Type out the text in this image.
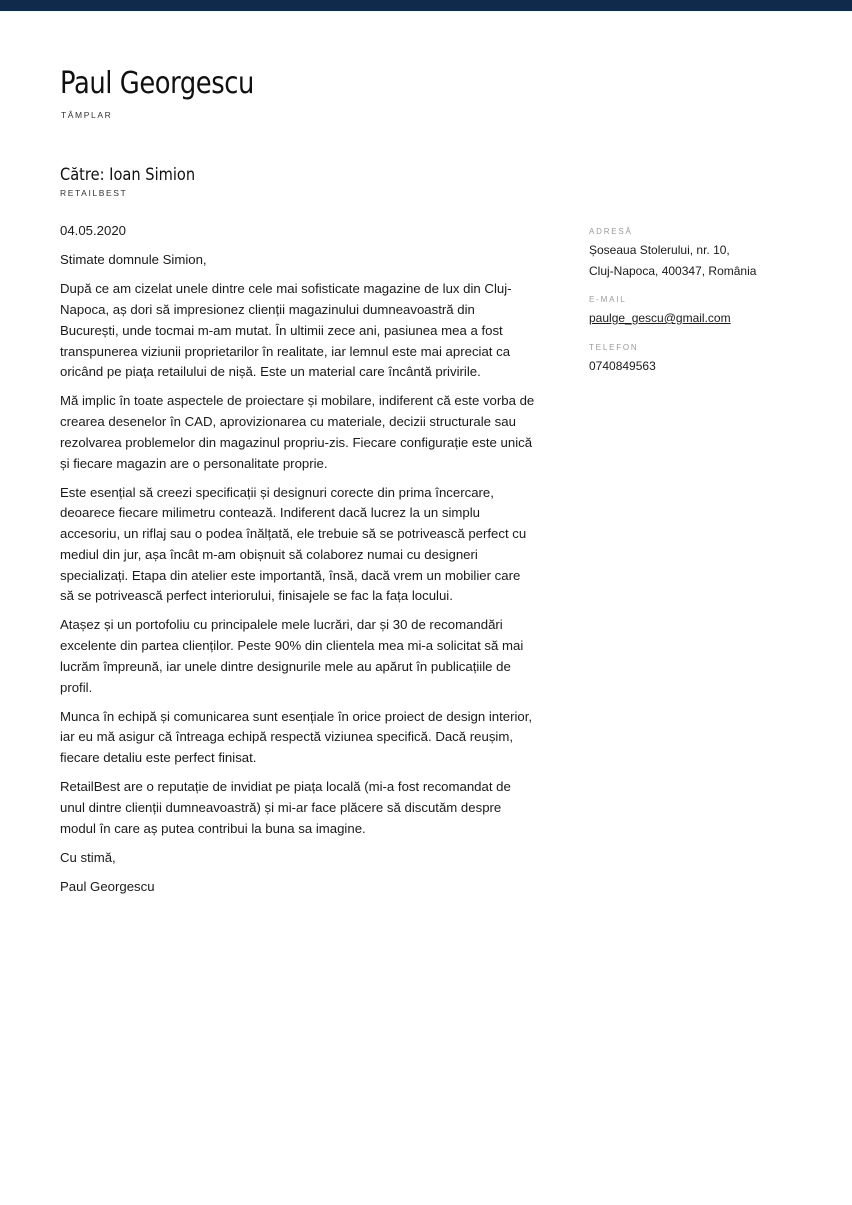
Paul Georgescu
TÂMPLAR
Către: Ioan Simion
RETAILBEST

04.05.2020

Stimate domnule Simion,

După ce am cizelat unele dintre cele mai sofisticate magazine de lux din Cluj-Napoca, aș dori să impresionez clienții magazinului dumneavoastră din București, unde tocmai m-am mutat. În ultimii zece ani, pasiunea mea a fost transpunerea viziunii proprietarilor în realitate, iar lemnul este mai apreciat ca oricând pe piața retailului de nișă. Este un material care încântă privirile.

Mă implic în toate aspectele de proiectare și mobilare, indiferent că este vorba de crearea desenelor în CAD, aprovizionarea cu materiale, decizii structurale sau rezolvarea problemelor din magazinul propriu-zis. Fiecare configurație este unică și fiecare magazin are o personalitate proprie.

Este esențial să creezi specificații și designuri corecte din prima încercare, deoarece fiecare milimetru contează. Indiferent dacă lucrez la un simplu accesoriu, un riflaj sau o podea înălțată, ele trebuie să se potrivească perfect cu mediul din jur, așa încât m-am obișnuit să colaborez numai cu designeri specializați. Etapa din atelier este importantă, însă, dacă vrem un mobilier care să se potrivească perfect interiorului, finisajele se fac la fața locului.

Atașez și un portofoliu cu principalele mele lucrări, dar și 30 de recomandări excelente din partea clienților. Peste 90% din clientela mea mi-a solicitat să mai lucrăm împreună, iar unele dintre designurile mele au apărut în publicațiile de profil.

Munca în echipă și comunicarea sunt esențiale în orice proiect de design interior, iar eu mă asigur că întreaga echipă respectă viziunea specifică. Dacă reușim, fiecare detaliu este perfect finisat.

RetailBest are o reputație de invidiat pe piața locală (mi-a fost recomandat de unul dintre clienții dumneavoastră) și mi-ar face plăcere să discutăm despre modul în care aș putea contribui la buna sa imagine.

Cu stimă,

Paul Georgescu

ADRESĂ
Șoseaua Stolerului, nr. 10,
Cluj-Napoca, 400347, România
E-MAIL
paulge_gescu@gmail.com
TELEFON
0740849563
